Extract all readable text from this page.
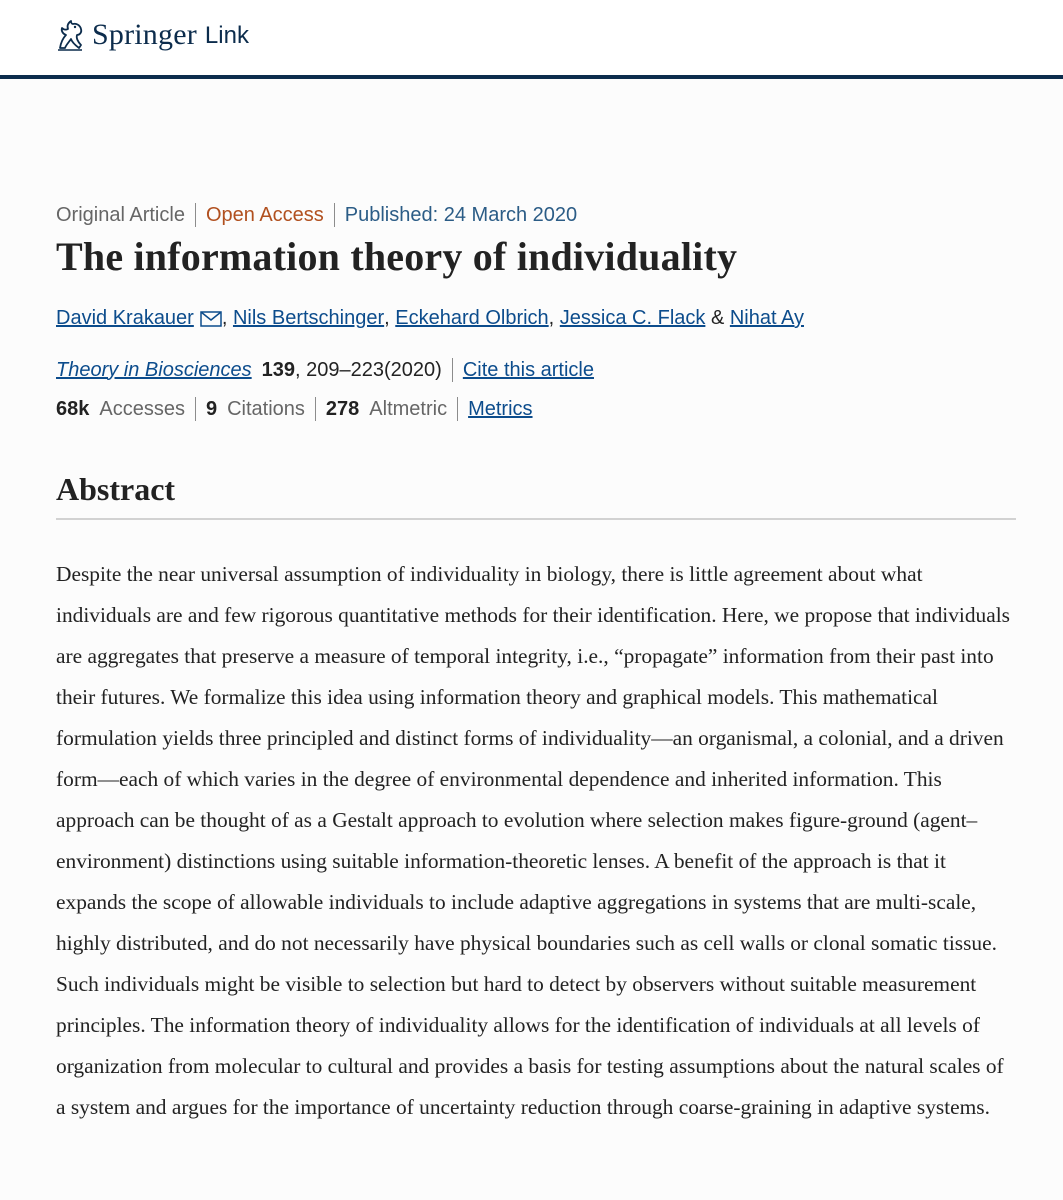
Springer Link
Original Article Open Access Published: 24 March 2020
The information theory of individuality
David Krakauer ,
Nils Bertschinger ,
Eckehard Olbrich ,
Jessica C. Flack
&
Nihat Ay
Theory in Biosciences 139 , 209–223(2020) Cite this article
68k Accesses 9 Citations 278 Altmetric Metrics
Abstract

Despite the near universal assumption of individuality in biology, there is little agreement about what individuals are and few rigorous quantitative methods for their identification. Here, we propose that individuals are aggregates that preserve a measure of temporal integrity, i.e., “propagate” information from their past into their futures. We formalize this idea using information theory and graphical models. This mathematical formulation yields three principled and distinct forms of individuality—an organismal, a colonial, and a driven form—each of which varies in the degree of environmental dependence and inherited information. This approach can be thought of as a Gestalt approach to evolution where selection makes figure-ground (agent–environment) distinctions using suitable information-theoretic lenses. A benefit of the approach is that it expands the scope of allowable individuals to include adaptive aggregations in systems that are multi-scale, highly distributed, and do not necessarily have physical boundaries such as cell walls or clonal somatic tissue. Such individuals might be visible to selection but hard to detect by observers without suitable measurement principles. The information theory of individuality allows for the identification of individuals at all levels of organization from molecular to cultural and provides a basis for testing assumptions about the natural scales of a system and argues for the importance of uncertainty reduction through coarse-graining in adaptive systems.
